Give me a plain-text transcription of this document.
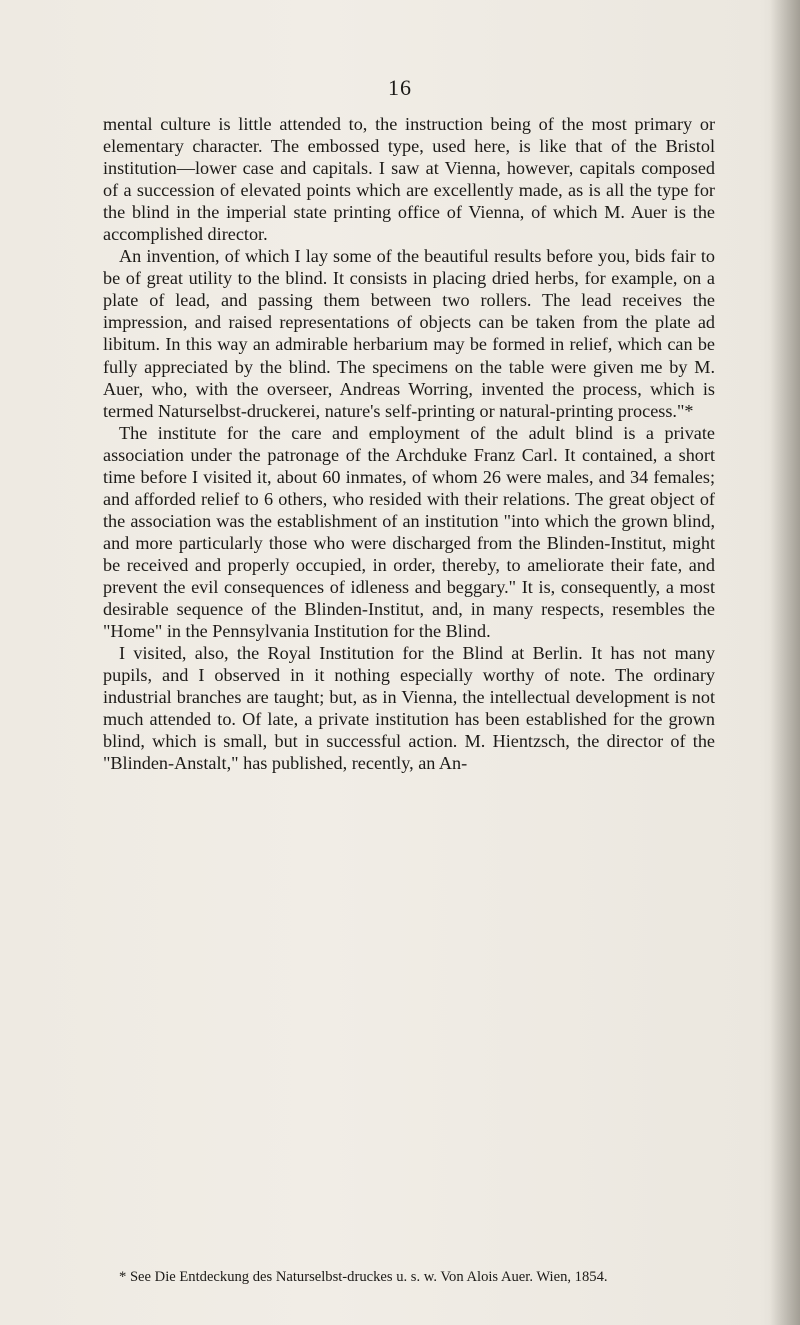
16

mental culture is little attended to, the instruction being of the most primary or elementary character. The embossed type, used here, is like that of the Bristol institution—lower case and capitals. I saw at Vienna, however, capitals composed of a succession of elevated points which are excellently made, as is all the type for the blind in the imperial state printing office of Vienna, of which M. Auer is the accomplished director.

An invention, of which I lay some of the beautiful results before you, bids fair to be of great utility to the blind. It consists in placing dried herbs, for example, on a plate of lead, and passing them between two rollers. The lead receives the impression, and raised representations of objects can be taken from the plate ad libitum. In this way an admirable herbarium may be formed in relief, which can be fully appreciated by the blind. The specimens on the table were given me by M. Auer, who, with the overseer, Andreas Worring, invented the process, which is termed Naturselbst-druckerei, nature's self-printing or natural-printing process."*

The institute for the care and employment of the adult blind is a private association under the patronage of the Archduke Franz Carl. It contained, a short time before I visited it, about 60 inmates, of whom 26 were males, and 34 females; and afforded relief to 6 others, who resided with their relations. The great object of the association was the establishment of an institution "into which the grown blind, and more particularly those who were discharged from the Blinden-Institut, might be received and properly occupied, in order, thereby, to ameliorate their fate, and prevent the evil consequences of idleness and beggary." It is, consequently, a most desirable sequence of the Blinden-Institut, and, in many respects, resembles the "Home" in the Pennsylvania Institution for the Blind.

I visited, also, the Royal Institution for the Blind at Berlin. It has not many pupils, and I observed in it nothing especially worthy of note. The ordinary industrial branches are taught; but, as in Vienna, the intellectual development is not much attended to. Of late, a private institution has been established for the grown blind, which is small, but in successful action. M. Hientzsch, the director of the "Blinden-Anstalt," has published, recently, an An-

* See Die Entdeckung des Naturselbst-druckes u. s. w. Von Alois Auer. Wien, 1854.
